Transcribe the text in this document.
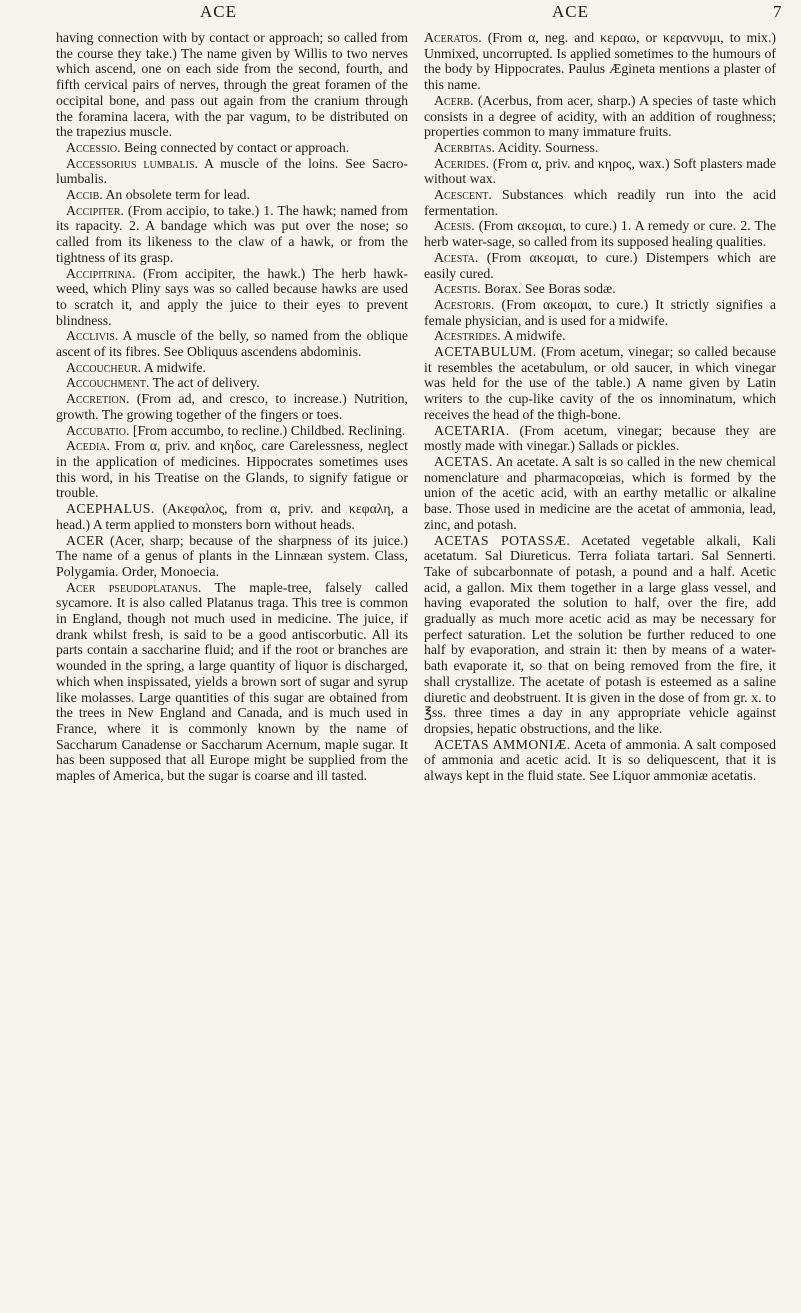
ACE	ACE	7

having connection with by contact or approach; so called from the course they take.) The name given by Willis to two nerves which ascend, one on each side from the second, fourth, and fifth cervical pairs of nerves, through the great foramen of the occipital bone, and pass out again from the cranium through the foramina lacera, with the par vagum, to be distributed on the trapezius muscle.

Accessio. Being connected by contact or approach.

Accessorius lumbalis. A muscle of the loins. See Sacro-lumbalis.

Accib. An obsolete term for lead.

Accipiter. (From accipio, to take.) 1. The hawk; named from its rapacity. 2. A bandage which was put over the nose; so called from its likeness to the claw of a hawk, or from the tightness of its grasp.

Accipitrina. (From accipiter, the hawk.) The herb hawk-weed, which Pliny says was so called because hawks are used to scratch it, and apply the juice to their eyes to prevent blindness.

Acclivis. A muscle of the belly, so named from the oblique ascent of its fibres. See Obliquus ascendens abdominis.

Accoucheur. A midwife.

Accouchment. The act of delivery.

Accretion. (From ad, and cresco, to increase.) Nutrition, growth. The growing together of the fingers or toes.

Accubatio. [From accumbo, to recline.) Childbed. Reclining.

Acedia. From α, priv. and κηδος, care Carelessness, neglect in the application of medicines. Hippocrates sometimes uses this word, in his Treatise on the Glands, to signify fatigue or trouble.

ACEPHALUS. (Ακεφαλος, from α, priv. and κεφαλη, a head.) A term applied to monsters born without heads.

ACER (Acer, sharp; because of the sharpness of its juice.) The name of a genus of plants in the Linnæan system. Class, Polygamia. Order, Monoecia.

Acer pseudoplatanus. The maple-tree, falsely called sycamore. It is also called Platanus traga. This tree is common in England, though not much used in medicine. The juice, if drank whilst fresh, is said to be a good antiscorbutic. All its parts contain a saccharine fluid; and if the root or branches are wounded in the spring, a large quantity of liquor is discharged, which when inspissated, yields a brown sort of sugar and syrup like molasses. Large quantities of this sugar are obtained from the trees in New England and Canada, and is much used in France, where it is commonly known by the name of Saccharum Canadense or Saccharum Acernum, maple sugar. It has been supposed that all Europe might be supplied from the maples of America, but the sugar is coarse and ill tasted.

Aceratos. (From α, neg. and κεραω, or κεραννυμι, to mix.) Unmixed, uncorrupted. Is applied sometimes to the humours of the body by Hippocrates. Paulus Ægineta mentions a plaster of this name.

Acerb. (Acerbus, from acer, sharp.) A species of taste which consists in a degree of acidity, with an addition of roughness; properties common to many immature fruits.

Acerbitas. Acidity. Sourness.

Acerides. (From α, priv. and κηρος, wax.) Soft plasters made without wax.

Acescent. Substances which readily run into the acid fermentation.

Acesis. (From ακεομαι, to cure.) 1. A remedy or cure. 2. The herb water-sage, so called from its supposed healing qualities.

Acesta. (From ακεομαι, to cure.) Distempers which are easily cured.

Acestis. Borax. See Boras sodæ.

Acestoris. (From ακεομαι, to cure.) It strictly signifies a female physician, and is used for a midwife.

Acestrides. A midwife.

ACETABULUM. (From acetum, vinegar; so called because it resembles the acetabulum, or old saucer, in which vinegar was held for the use of the table.) A name given by Latin writers to the cup-like cavity of the os innominatum, which receives the head of the thigh-bone.

ACETARIA. (From acetum, vinegar; because they are mostly made with vinegar.) Sallads or pickles.

ACETAS. An acetate. A salt is so called in the new chemical nomenclature and pharmacopœias, which is formed by the union of the acetic acid, with an earthy metallic or alkaline base. Those used in medicine are the acetat of ammonia, lead, zinc, and potash.

ACETAS POTASSÆ. Acetated vegetable alkali, Kali acetatum. Sal Diureticus. Terra foliata tartari. Sal Sennerti. Take of subcarbonnate of potash, a pound and a half. Acetic acid, a gallon. Mix them together in a large glass vessel, and having evaporated the solution to half, over the fire, add gradually as much more acetic acid as may be necessary for perfect saturation. Let the solution be further reduced to one half by evaporation, and strain it: then by means of a water-bath evaporate it, so that on being removed from the fire, it shall crystallize. The acetate of potash is esteemed as a saline diuretic and deobstruent. It is given in the dose of from gr. x. to ℥ss. three times a day in any appropriate vehicle against dropsies, hepatic obstructions, and the like.

ACETAS AMMONIÆ. Aceta of ammonia. A salt composed of ammonia and acetic acid. It is so deliquescent, that it is always kept in the fluid state. See Liquor ammoniæ acetatis.
